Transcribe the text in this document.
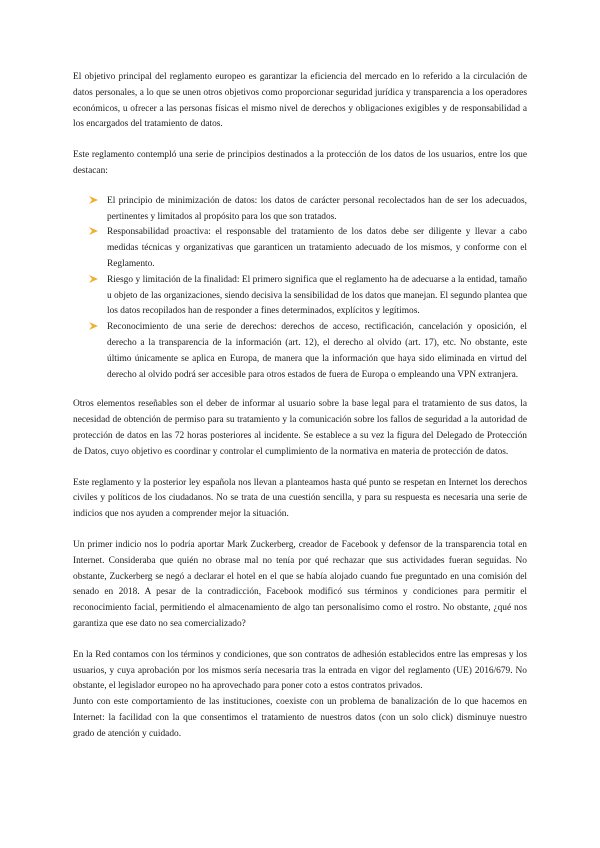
El objetivo principal del reglamento europeo es garantizar la eficiencia del mercado en lo referido a la circulación de datos personales, a lo que se unen otros objetivos como proporcionar seguridad jurídica y transparencia a los operadores económicos, u ofrecer a las personas físicas el mismo nivel de derechos y obligaciones exigibles y de responsabilidad a los encargados del tratamiento de datos.

Este reglamento contempló una serie de principios destinados a la protección de los datos de los usuarios, entre los que destacan:

El principio de minimización de datos: los datos de carácter personal recolectados han de ser los adecuados, pertinentes y limitados al propósito para los que son tratados.
Responsabilidad proactiva: el responsable del tratamiento de los datos debe ser diligente y llevar a cabo medidas técnicas y organizativas que garanticen un tratamiento adecuado de los mismos, y conforme con el Reglamento.
Riesgo y limitación de la finalidad: El primero significa que el reglamento ha de adecuarse a la entidad, tamaño u objeto de las organizaciones, siendo decisiva la sensibilidad de los datos que manejan. El segundo plantea que los datos recopilados han de responder a fines determinados, explícitos y legítimos.
Reconocimiento de una serie de derechos: derechos de acceso, rectificación, cancelación y oposición, el derecho a la transparencia de la información (art. 12), el derecho al olvido (art. 17), etc. No obstante, este último únicamente se aplica en Europa, de manera que la información que haya sido eliminada en virtud del derecho al olvido podrá ser accesible para otros estados de fuera de Europa o empleando una VPN extranjera.

Otros elementos reseñables son el deber de informar al usuario sobre la base legal para el tratamiento de sus datos, la necesidad de obtención de permiso para su tratamiento y la comunicación sobre los fallos de seguridad a la autoridad de protección de datos en las 72 horas posteriores al incidente. Se establece a su vez la figura del Delegado de Protección de Datos, cuyo objetivo es coordinar y controlar el cumplimiento de la normativa en materia de protección de datos.

Este reglamento y la posterior ley española nos llevan a planteamos hasta qué punto se respetan en Internet los derechos civiles y políticos de los ciudadanos. No se trata de una cuestión sencilla, y para su respuesta es necesaria una serie de indicios que nos ayuden a comprender mejor la situación.

Un primer indicio nos lo podría aportar Mark Zuckerberg, creador de Facebook y defensor de la transparencia total en Internet. Consideraba que quién no obrase mal no tenía por qué rechazar que sus actividades fueran seguidas. No obstante, Zuckerberg se negó a declarar el hotel en el que se había alojado cuando fue preguntado en una comisión del senado en 2018. A pesar de la contradicción, Facebook modificó sus términos y condiciones para permitir el reconocimiento facial, permitiendo el almacenamiento de algo tan personalísimo como el rostro. No obstante, ¿qué nos garantiza que ese dato no sea comercializado?

En la Red contamos con los términos y condiciones, que son contratos de adhesión establecidos entre las empresas y los usuarios, y cuya aprobación por los mismos sería necesaria tras la entrada en vigor del reglamento (UE) 2016/679. No obstante, el legislador europeo no ha aprovechado para poner coto a estos contratos privados.

Junto con este comportamiento de las instituciones, coexiste con un problema de banalización de lo que hacemos en Internet: la facilidad con la que consentimos el tratamiento de nuestros datos (con un solo click) disminuye nuestro grado de atención y cuidado.
